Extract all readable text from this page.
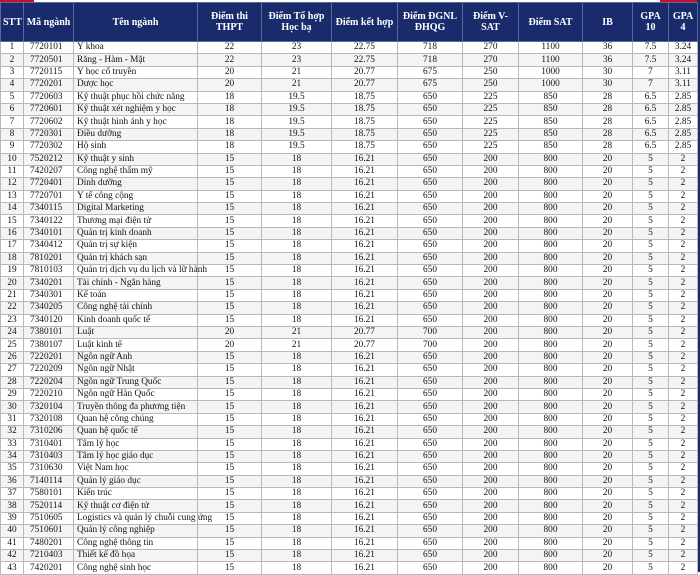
STT	Mã ngành	Tên ngành	Điểm thi THPT	Điểm Tổ hợp Học bạ	Điểm kết hợp	Điểm ĐGNL ĐHQG	Điểm V-SAT	Điểm SAT	IB	GPA 10	GPA 4
1	7720101	Y khoa	22	23	22.75	718	270	1100	36	7.5	3.24
2	7720501	Răng - Hàm - Mặt	22	23	22.75	718	270	1100	36	7.5	3.24
3	7720115	Y học cổ truyền	20	21	20.77	675	250	1000	30	7	3.11
4	7720201	Dược học	20	21	20.77	675	250	1000	30	7	3.11
5	7720603	Kỹ thuật phục hồi chức năng	18	19.5	18.75	650	225	850	28	6.5	2.85
6	7720601	Kỹ thuật xét nghiệm y học	18	19.5	18.75	650	225	850	28	6.5	2.85
7	7720602	Kỹ thuật hình ảnh y học	18	19.5	18.75	650	225	850	28	6.5	2.85
8	7720301	Điều dưỡng	18	19.5	18.75	650	225	850	28	6.5	2.85
9	7720302	Hộ sinh	18	19.5	18.75	650	225	850	28	6.5	2.85
10	7520212	Kỹ thuật y sinh	15	18	16.21	650	200	800	20	5	2
11	7420207	Công nghệ thẩm mỹ	15	18	16.21	650	200	800	20	5	2
12	7720401	Dinh dưỡng	15	18	16.21	650	200	800	20	5	2
13	7720701	Y tế công cộng	15	18	16.21	650	200	800	20	5	2
14	7340115	Digital Marketing	15	18	16.21	650	200	800	20	5	2
15	7340122	Thương mại điện tử	15	18	16.21	650	200	800	20	5	2
16	7340101	Quản trị kinh doanh	15	18	16.21	650	200	800	20	5	2
17	7340412	Quản trị sự kiện	15	18	16.21	650	200	800	20	5	2
18	7810201	Quản trị khách sạn	15	18	16.21	650	200	800	20	5	2
19	7810103	Quản trị dịch vụ du lịch và lữ hành	15	18	16.21	650	200	800	20	5	2
20	7340201	Tài chính - Ngân hàng	15	18	16.21	650	200	800	20	5	2
21	7340301	Kế toán	15	18	16.21	650	200	800	20	5	2
22	7340205	Công nghệ tài chính	15	18	16.21	650	200	800	20	5	2
23	7340120	Kinh doanh quốc tế	15	18	16.21	650	200	800	20	5	2
24	7380101	Luật	20	21	20.77	700	200	800	20	5	2
25	7380107	Luật kinh tế	20	21	20.77	700	200	800	20	5	2
26	7220201	Ngôn ngữ Anh	15	18	16.21	650	200	800	20	5	2
27	7220209	Ngôn ngữ Nhật	15	18	16.21	650	200	800	20	5	2
28	7220204	Ngôn ngữ Trung Quốc	15	18	16.21	650	200	800	20	5	2
29	7220210	Ngôn ngữ Hàn Quốc	15	18	16.21	650	200	800	20	5	2
30	7320104	Truyền thông đa phương tiện	15	18	16.21	650	200	800	20	5	2
31	7320108	Quan hệ công chúng	15	18	16.21	650	200	800	20	5	2
32	7310206	Quan hệ quốc tế	15	18	16.21	650	200	800	20	5	2
33	7310401	Tâm lý học	15	18	16.21	650	200	800	20	5	2
34	7310403	Tâm lý học giáo dục	15	18	16.21	650	200	800	20	5	2
35	7310630	Việt Nam học	15	18	16.21	650	200	800	20	5	2
36	7140114	Quản lý giáo dục	15	18	16.21	650	200	800	20	5	2
37	7580101	Kiến trúc	15	18	16.21	650	200	800	20	5	2
38	7520114	Kỹ thuật cơ điện tử	15	18	16.21	650	200	800	20	5	2
39	7510605	Logistics và quản lý chuỗi cung ứng	15	18	16.21	650	200	800	20	5	2
40	7510601	Quản lý công nghiệp	15	18	16.21	650	200	800	20	5	2
41	7480201	Công nghệ thông tin	15	18	16.21	650	200	800	20	5	2
42	7210403	Thiết kế đồ họa	15	18	16.21	650	200	800	20	5	2
43	7420201	Công nghệ sinh học	15	18	16.21	650	200	800	20	5	2
